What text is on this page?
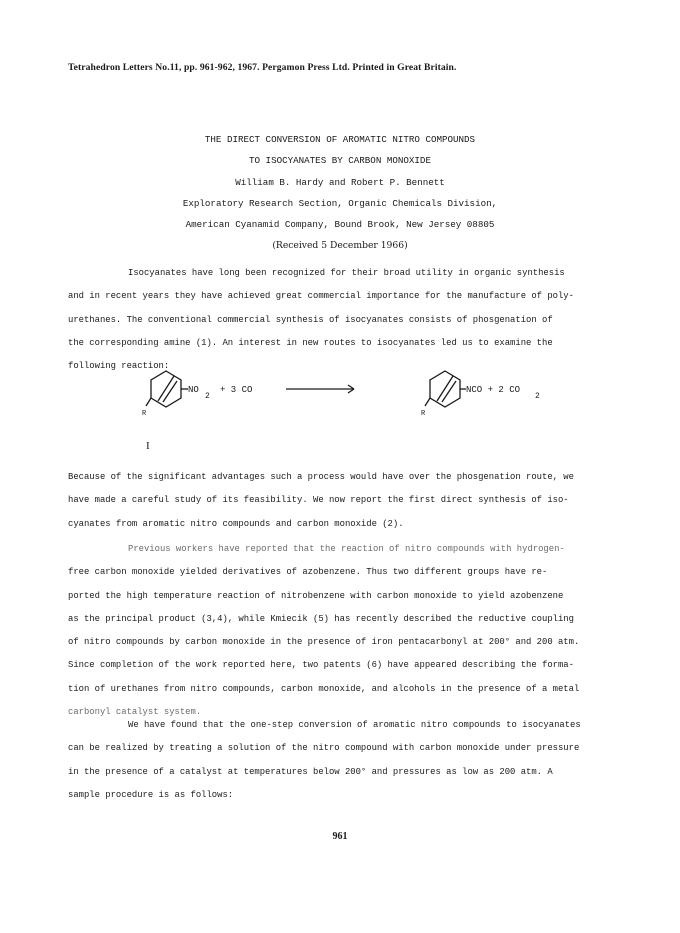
Tetrahedron Letters No.11, pp. 961-962, 1967. Pergamon Press Ltd. Printed in Great Britain.
THE DIRECT CONVERSION OF AROMATIC NITRO COMPOUNDS
TO ISOCYANATES BY CARBON MONOXIDE
William B. Hardy and Robert P. Bennett
Exploratory Research Section, Organic Chemicals Division,
American Cyanamid Company, Bound Brook, New Jersey 08805
(Received 5 December 1966)
Isocyanates have long been recognized for their broad utility in organic synthesis
and in recent years they have achieved great commercial importance for the manufacture of poly-
urethanes. The conventional commercial synthesis of isocyanates consists of phosgenation of
the corresponding amine (1). An interest in new routes to isocyanates led us to examine the
following reaction:
R
NO
2
+ 3 CO
R
NCO + 2 CO
2
I
Because of the significant advantages such a process would have over the phosgenation route, we
have made a careful study of its feasibility. We now report the first direct synthesis of iso-
cyanates from aromatic nitro compounds and carbon monoxide (2).
Previous workers have reported that the reaction of nitro compounds with hydrogen-
free carbon monoxide yielded derivatives of azobenzene. Thus two different groups have re-
ported the high temperature reaction of nitrobenzene with carbon monoxide to yield azobenzene
as the principal product (3,4), while Kmiecik (5) has recently described the reductive coupling
of nitro compounds by carbon monoxide in the presence of iron pentacarbonyl at 200° and 200 atm.
Since completion of the work reported here, two patents (6) have appeared describing the forma-
tion of urethanes from nitro compounds, carbon monoxide, and alcohols in the presence of a metal
carbonyl catalyst system.
We have found that the one-step conversion of aromatic nitro compounds to isocyanates
can be realized by treating a solution of the nitro compound with carbon monoxide under pressure
in the presence of a catalyst at temperatures below 200° and pressures as low as 200 atm. A
sample procedure is as follows:
961
